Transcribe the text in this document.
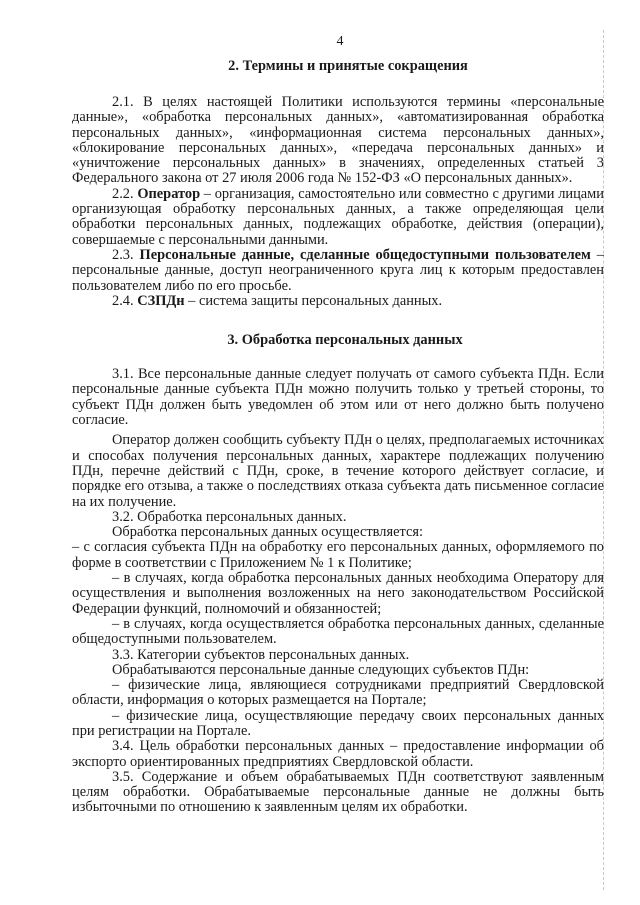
4
2. Термины и принятые сокращения

2.1. В целях настоящей Политики используются термины «персональные данные», «обработка персональных данных», «автоматизированная обработка персональных данных», «информационная система персональных данных», «блокирование персональных данных», «передача персональных данных» и «уничтожение персональных данных» в значениях, определенных статьей 3 Федерального закона от 27 июля 2006 года № 152-ФЗ «О персональных данных».

2.2. Оператор – организация, самостоятельно или совместно с другими лицами организующая обработку персональных данных, а также определяющая цели обработки персональных данных, подлежащих обработке, действия (операции), совершаемые с персональными данными.

2.3. Персональные данные, сделанные общедоступными пользователем – персональные данные, доступ неограниченного круга лиц к которым предоставлен пользователем либо по его просьбе.

2.4. СЗПДн – система защиты персональных данных.

3. Обработка персональных данных

3.1. Все персональные данные следует получать от самого субъекта ПДн. Если персональные данные субъекта ПДн можно получить только у третьей стороны, то субъект ПДн должен быть уведомлен об этом или от него должно быть получено согласие.

Оператор должен сообщить субъекту ПДн о целях, предполагаемых источниках и способах получения персональных данных, характере подлежащих получению ПДн, перечне действий с ПДн, сроке, в течение которого действует согласие, и порядке его отзыва, а также о последствиях отказа субъекта дать письменное согласие на их получение.

3.2. Обработка персональных данных.

Обработка персональных данных осуществляется:

– с согласия субъекта ПДн на обработку его персональных данных, оформляемого по форме в соответствии с Приложением № 1 к Политике;

– в случаях, когда обработка персональных данных необходима Оператору для осуществления и выполнения возложенных на него законодательством Российской Федерации функций, полномочий и обязанностей;

– в случаях, когда осуществляется обработка персональных данных, сделанные общедоступными пользователем.

3.3. Категории субъектов персональных данных.

Обрабатываются персональные данные следующих субъектов ПДн:

– физические лица, являющиеся сотрудниками предприятий Свердловской области, информация о которых размещается на Портале;

– физические лица, осуществляющие передачу своих персональных данных при регистрации на Портале.

3.4. Цель обработки персональных данных – предоставление информации об экспорто ориентированных предприятиях Свердловской области.

3.5. Содержание и объем обрабатываемых ПДн соответствуют заявленным целям обработки. Обрабатываемые персональные данные не должны быть избыточными по отношению к заявленным целям их обработки.
